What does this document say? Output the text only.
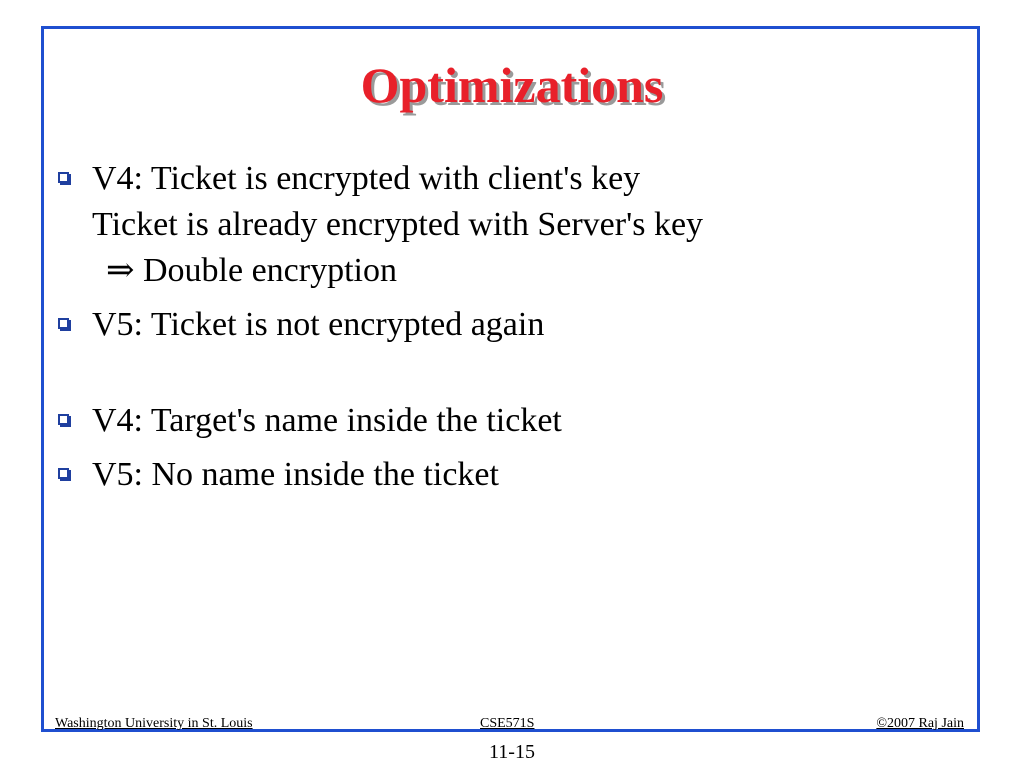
Optimizations
V4: Ticket is encrypted with client's key
Ticket is already encrypted with Server's key
⇒ Double encryption
V5: Ticket is not encrypted again
V4: Target's name inside the ticket
V5: No name inside the ticket
Washington University in St. Louis	CSE571S	©2007 Raj Jain
11-15
